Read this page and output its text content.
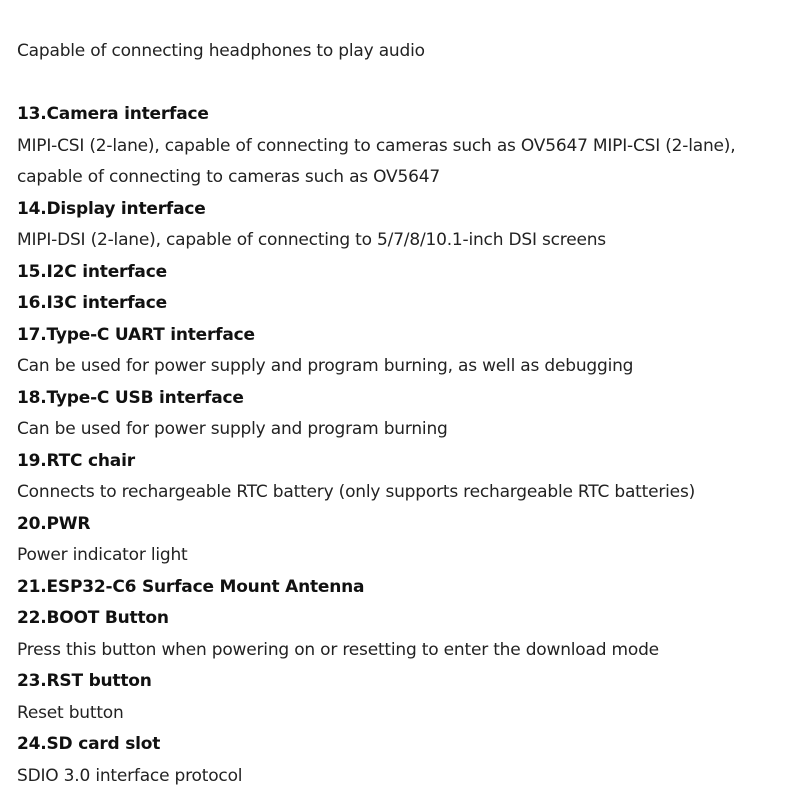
Capable of connecting headphones to play audio
13.Camera interface
MIPI-CSI (2-lane), capable of connecting to cameras such as OV5647 MIPI-CSI (2-lane),
capable of connecting to cameras such as OV5647
14.Display interface
MIPI-DSI (2-lane), capable of connecting to 5/7/8/10.1-inch DSI screens
15.I2C interface
16.I3C interface
17.Type-C UART interface
Can be used for power supply and program burning, as well as debugging
18.Type-C USB interface
Can be used for power supply and program burning
19.RTC chair
Connects to rechargeable RTC battery (only supports rechargeable RTC batteries)
20.PWR
Power indicator light
21.ESP32-C6 Surface Mount Antenna
22.BOOT Button
Press this button when powering on or resetting to enter the download mode
23.RST button
Reset button
24.SD card slot
SDIO 3.0 interface protocol
